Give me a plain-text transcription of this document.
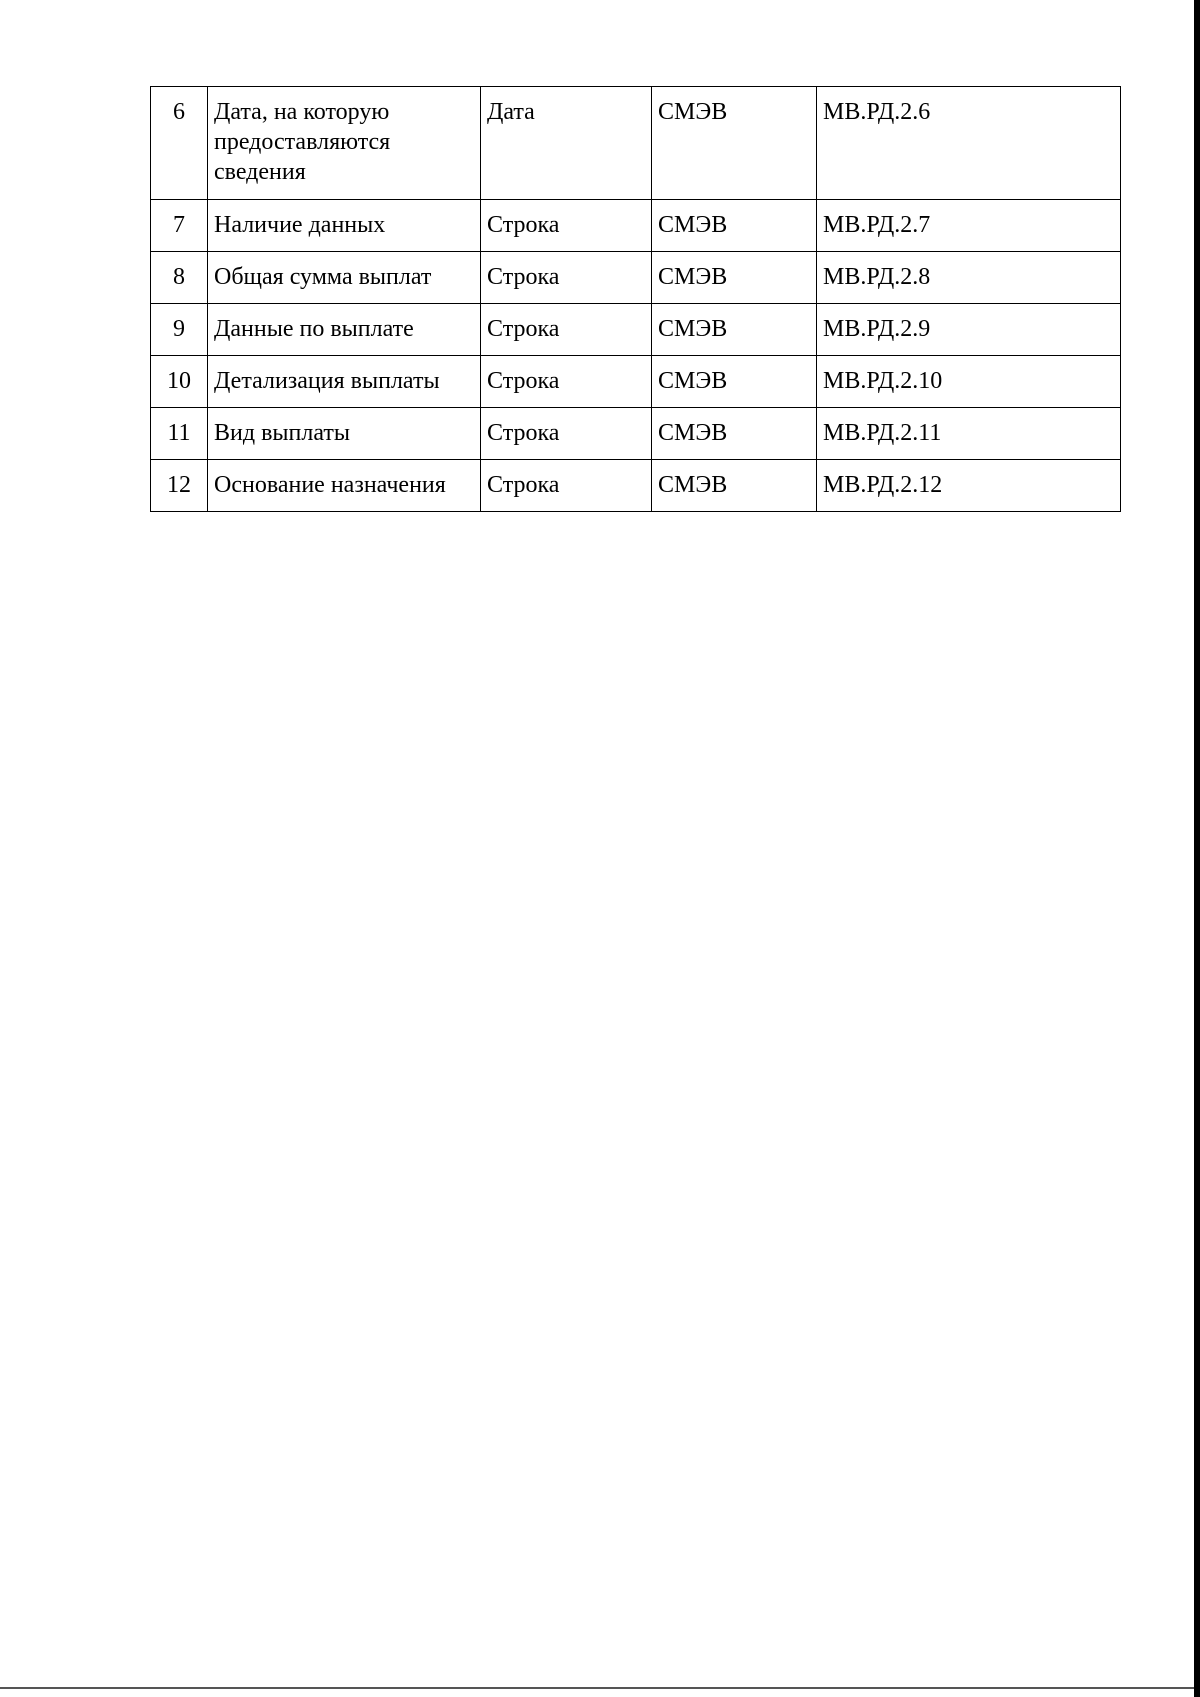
6	Дата, на которую предоставляются сведения	Дата	СМЭВ	МВ.РД.2.6
7	Наличие данных	Строка	СМЭВ	МВ.РД.2.7
8	Общая сумма выплат	Строка	СМЭВ	МВ.РД.2.8
9	Данные по выплате	Строка	СМЭВ	МВ.РД.2.9
10	Детализация выплаты	Строка	СМЭВ	МВ.РД.2.10
11	Вид выплаты	Строка	СМЭВ	МВ.РД.2.11
12	Основание назначения	Строка	СМЭВ	МВ.РД.2.12
